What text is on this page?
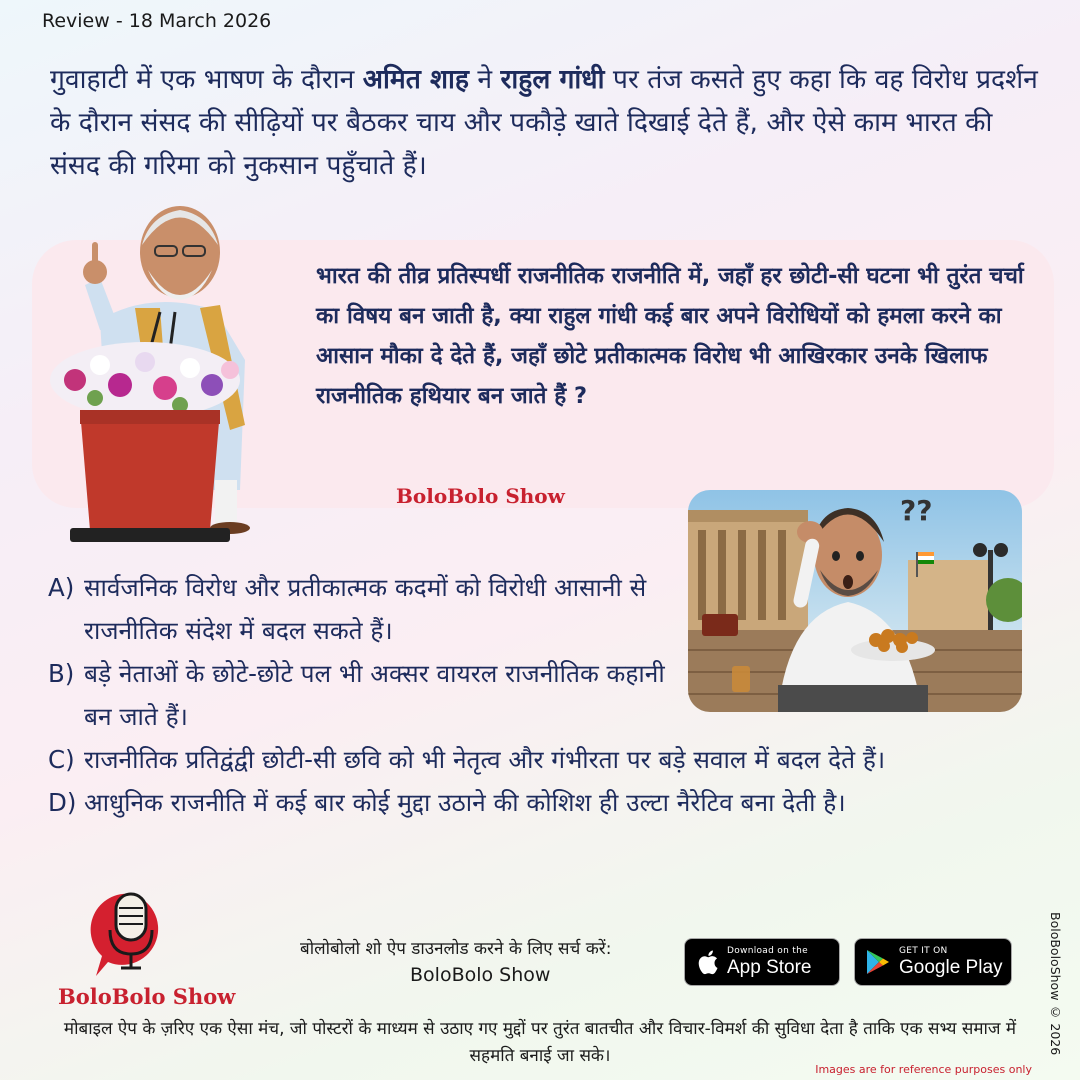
Review - 18 March 2026

गुवाहाटी में एक भाषण के दौरान अमित शाह ने राहुल गांधी पर तंज कसते हुए कहा कि वह विरोध प्रदर्शन के दौरान संसद की सीढ़ियों पर बैठकर चाय और पकौड़े खाते दिखाई देते हैं, और ऐसे काम भारत की संसद की गरिमा को नुकसान पहुँचाते हैं।

भारत की तीव्र प्रतिस्पर्धी राजनीतिक राजनीति में, जहाँ हर छोटी-सी घटना भी तुरंत चर्चा का विषय बन जाती है, क्या राहुल गांधी कई बार अपने विरोधियों को हमला करने का आसान मौका दे देते हैं, जहाँ छोटे प्रतीकात्मक विरोध भी आखिरकार उनके खिलाफ राजनीतिक हथियार बन जाते हैं ?

BoloBolo Show	??
A) सार्वजनिक विरोध और प्रतीकात्मक कदमों को विरोधी आसानी से राजनीतिक संदेश में बदल सकते हैं।
B) बड़े नेताओं के छोटे-छोटे पल भी अक्सर वायरल राजनीतिक कहानी बन जाते हैं।
C) राजनीतिक प्रतिद्वंद्वी छोटी-सी छवि को भी नेतृत्व और गंभीरता पर बड़े सवाल में बदल देते हैं।
D) आधुनिक राजनीति में कई बार कोई मुद्दा उठाने की कोशिश ही उल्टा नैरेटिव बना देती है।
BoloBolo Show
बोलोबोलो शो ऐप डाउनलोड करने के लिए सर्च करें:
BoloBolo Show
Download on the
App Store
GET IT ON
Google Play

मोबाइल ऐप के ज़रिए एक ऐसा मंच, जो पोस्टरों के माध्यम से उठाए गए मुद्दों पर तुरंत बातचीत और विचार-विमर्श की सुविधा देता है ताकि एक सभ्य समाज में सहमति बनाई जा सके।

Images are for reference purposes only
BoloBoloShow © 2026
